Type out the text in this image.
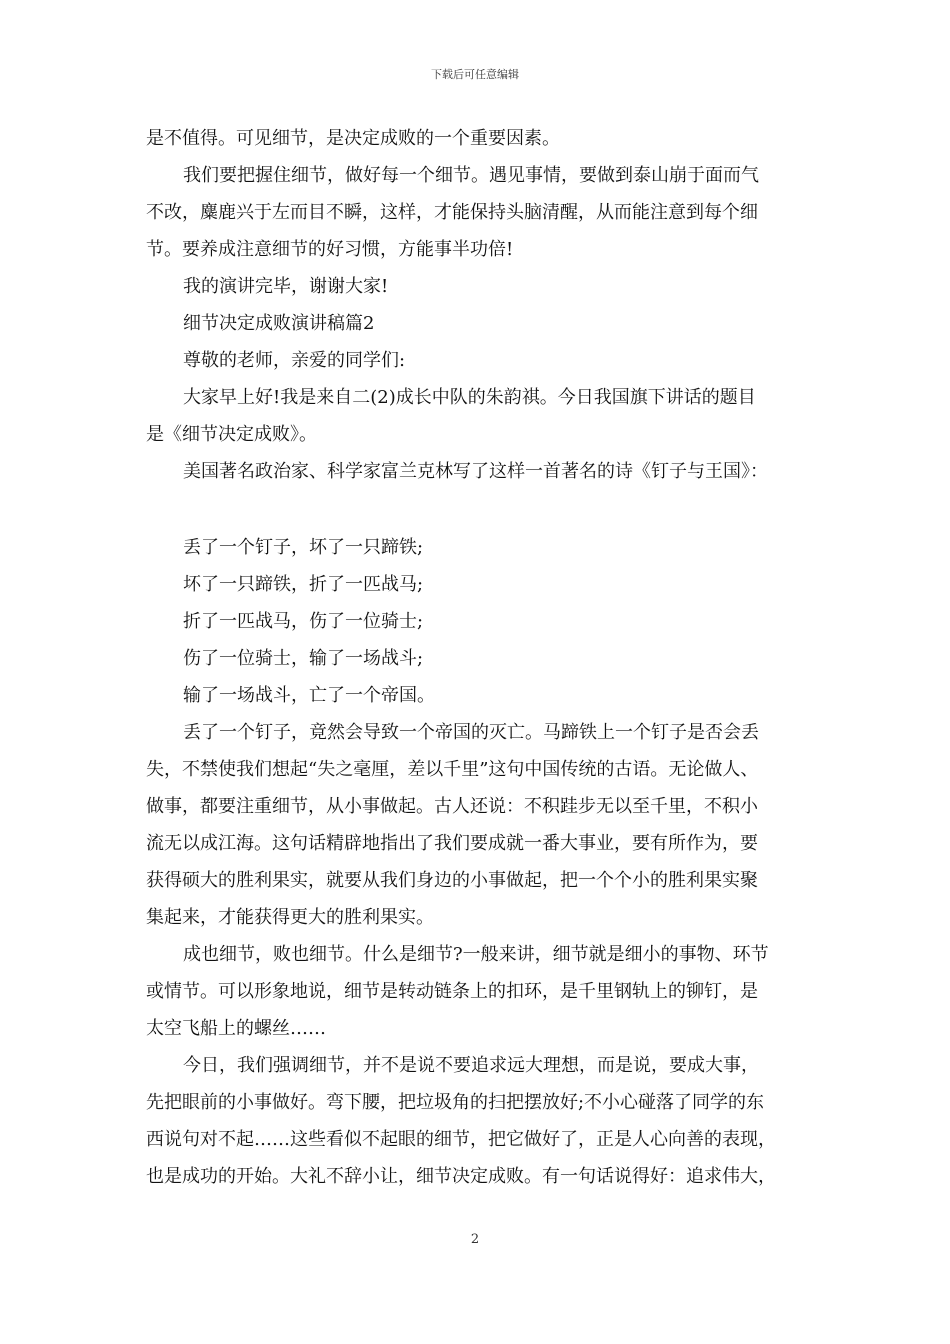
下载后可任意编辑
是不值得。可见细节，是决定成败的一个重要因素。
我们要把握住细节，做好每一个细节。遇见事情，要做到泰山崩于面而气
不改，麋鹿兴于左而目不瞬，这样，才能保持头脑清醒，从而能注意到每个细
节。要养成注意细节的好习惯，方能事半功倍!
我的演讲完毕，谢谢大家!
细节决定成败演讲稿篇2
尊敬的老师，亲爱的同学们:
大家早上好!我是来自二(2)成长中队的朱韵祺。今日我国旗下讲话的题目
是《细节决定成败》。
美国著名政治家、科学家富兰克林写了这样一首著名的诗《钉子与王国》：
丢了一个钉子，坏了一只蹄铁;
坏了一只蹄铁，折了一匹战马;
折了一匹战马，伤了一位骑士;
伤了一位骑士，输了一场战斗;
输了一场战斗，亡了一个帝国。
丢了一个钉子，竟然会导致一个帝国的灭亡。马蹄铁上一个钉子是否会丢
失，不禁使我们想起“失之毫厘，差以千里”这句中国传统的古语。无论做人、
做事，都要注重细节，从小事做起。古人还说：不积跬步无以至千里，不积小
流无以成江海。这句话精辟地指出了我们要成就一番大事业，要有所作为，要
获得硕大的胜利果实，就要从我们身边的小事做起，把一个个小的胜利果实聚
集起来，才能获得更大的胜利果实。
成也细节，败也细节。什么是细节?一般来讲，细节就是细小的事物、环节
或情节。可以形象地说，细节是转动链条上的扣环，是千里钢轨上的铆钉，是
太空飞船上的螺丝……
今日，我们强调细节，并不是说不要追求远大理想，而是说，要成大事，
先把眼前的小事做好。弯下腰，把垃圾角的扫把摆放好;不小心碰落了同学的东
西说句对不起……这些看似不起眼的细节，把它做好了，正是人心向善的表现，
也是成功的开始。大礼不辞小让，细节决定成败。有一句话说得好：追求伟大，
2
